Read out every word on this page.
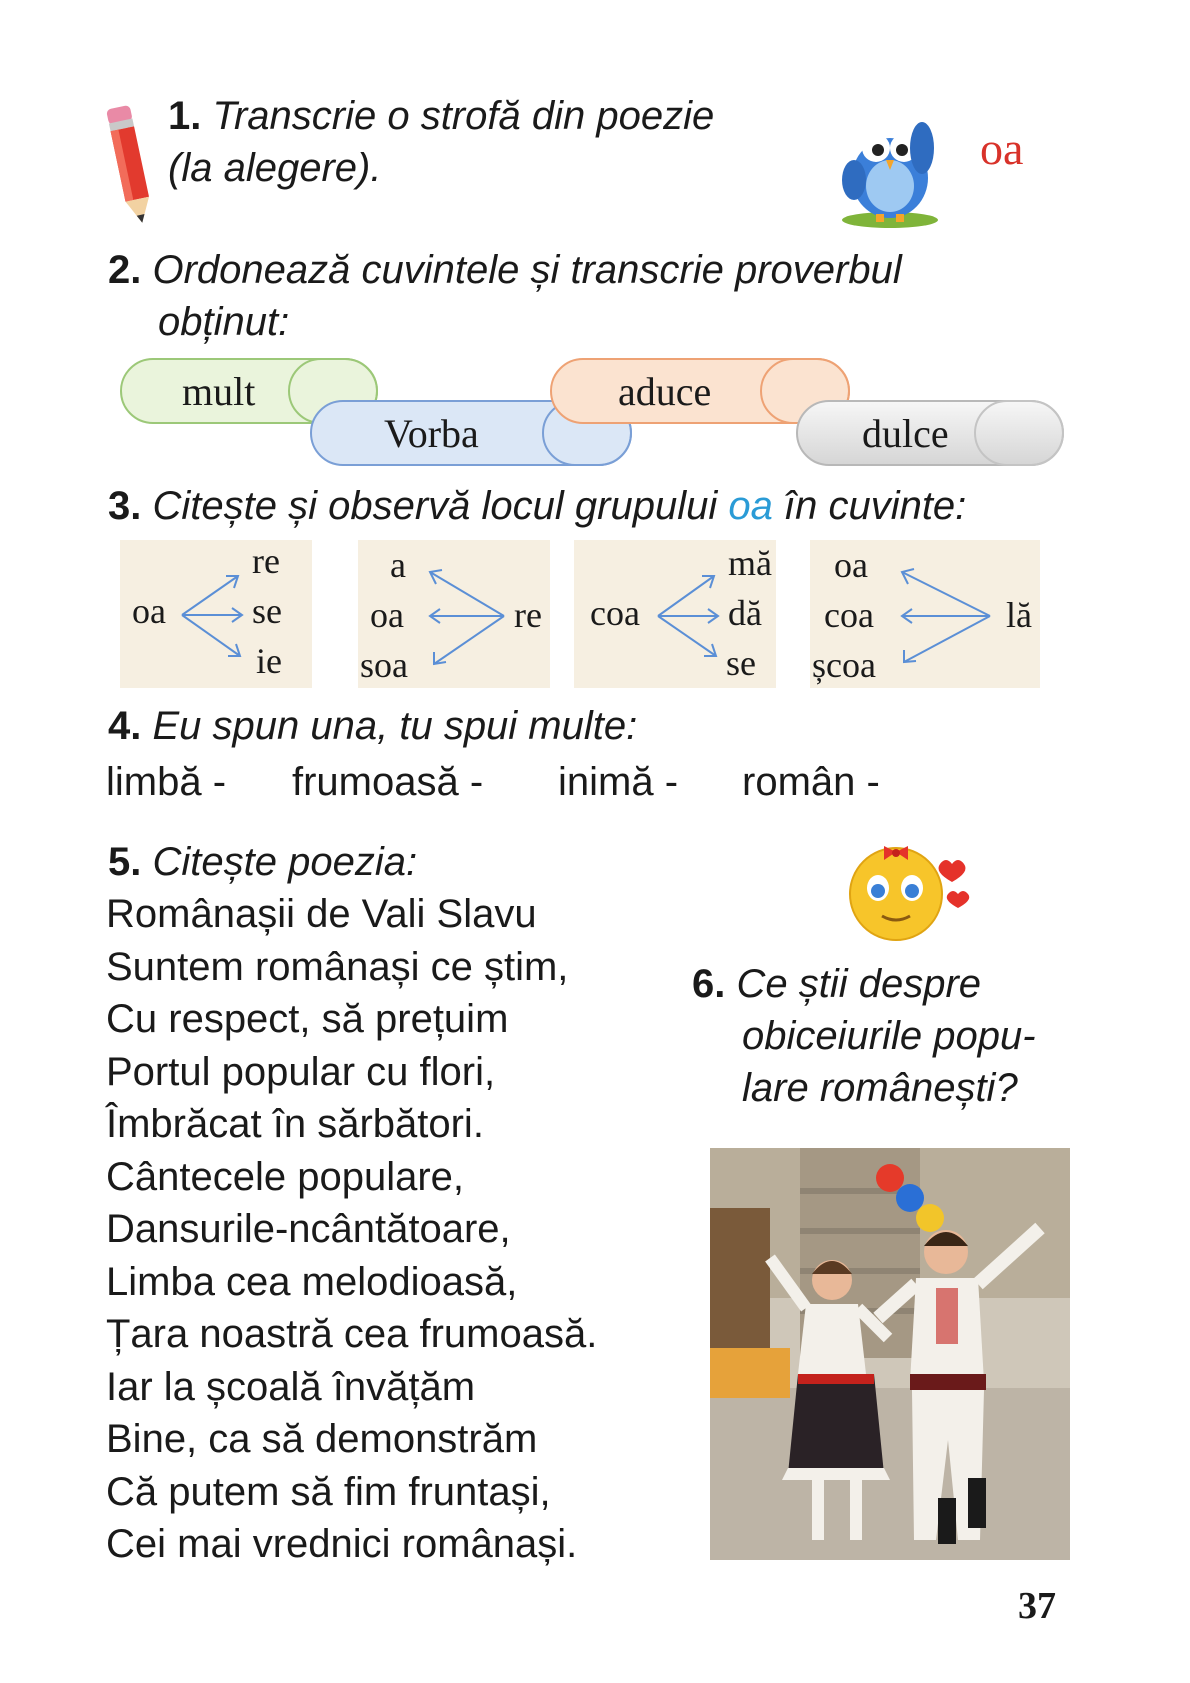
1. Transcrie o strofă din poezie
(la alegere).	oa
2. Ordonează cuvintele și transcrie proverbul
obținut:
mult
Vorba
aduce
dulce
3. Citește și observă locul grupului oa în cuvinte:
oa
re
se
ie
a
oa
soa
re coa
mă
dă
se
oa
coa
școa
lă
4. Eu spun una, tu spui multe:
limbă - frumoasă - inimă - român -
5. Citește poezia:
Românașii de Vali Slavu
Suntem românași ce știm,
Cu respect, să prețuim
Portul popular cu flori,
Îmbrăcat în sărbători.
Cântecele populare,
Dansurile-ncântătoare,
Limba cea melodioasă,
Țara noastră cea frumoasă.
Iar la școală învățăm
Bine, ca să demonstrăm
Că putem să fim fruntași,
Cei mai vrednici românași.
6. Ce știi despre
obiceiurile popu-
lare românești?
37
